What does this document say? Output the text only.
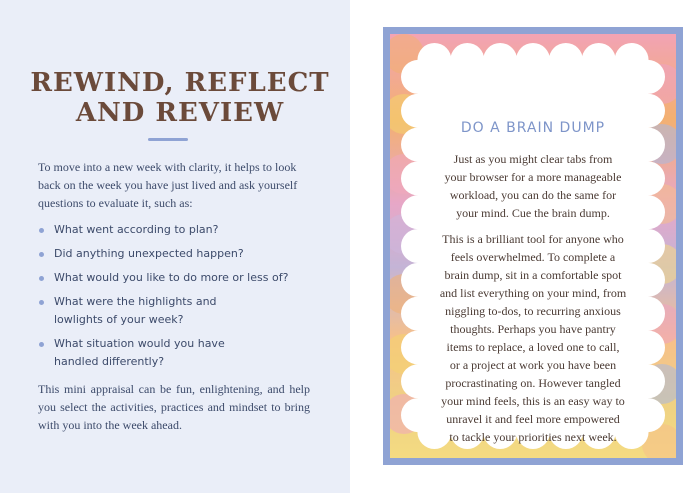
REWIND, REFLECT
AND REVIEW

To move into a new week with clarity, it helps to look back on the week you have just lived and ask yourself questions to evaluate it, such as:

What went according to plan?
Did anything unexpected happen?
What would you like to do more or less of?
What were the highlights and
lowlights of your week?
What situation would you have
handled differently?

This mini appraisal can be fun, enlightening, and help you select the activities, practices and mindset to bring with you into the week ahead.

DO A BRAIN DUMP

Just as you might clear tabs from
your browser for a more manageable
workload, you can do the same for
your mind. Cue the brain dump.

This is a brilliant tool for anyone who
feels overwhelmed. To complete a
brain dump, sit in a comfortable spot
and list everything on your mind, from
niggling to-dos, to recurring anxious
thoughts. Perhaps you have pantry
items to replace, a loved one to call,
or a project at work you have been
procrastinating on. However tangled
your mind feels, this is an easy way to
unravel it and feel more empowered
to tackle your priorities next week.
